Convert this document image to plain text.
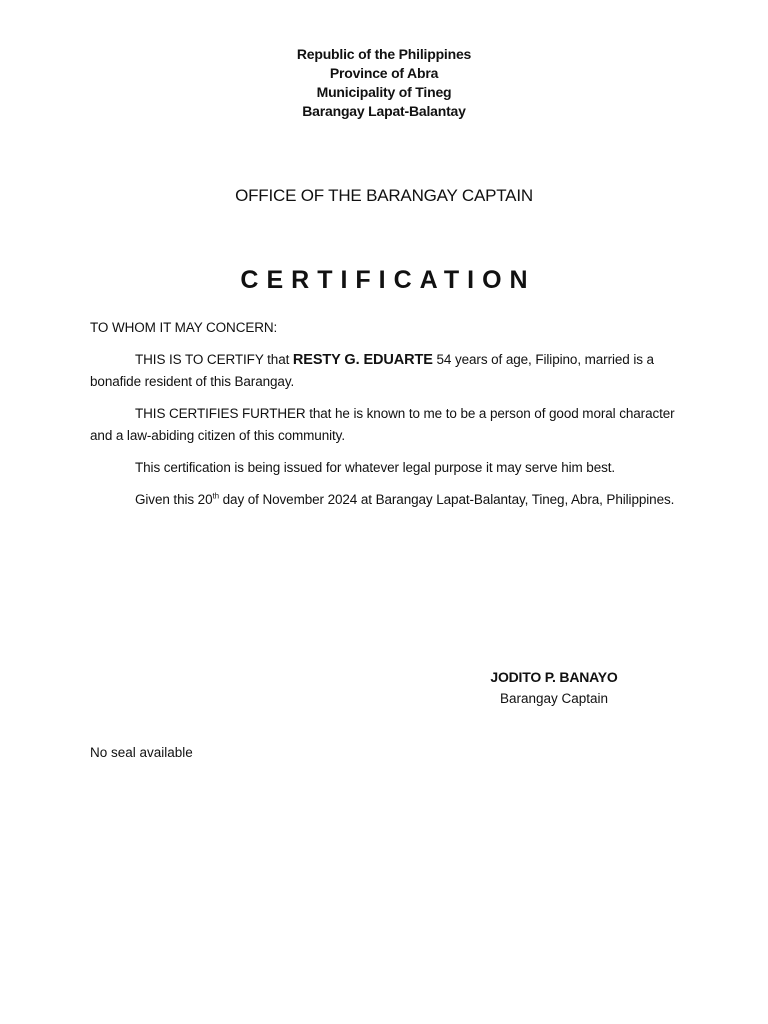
Republic of the Philippines
Province of Abra
Municipality of Tineg
Barangay Lapat-Balantay
OFFICE OF THE BARANGAY CAPTAIN
CERTIFICATION

TO WHOM IT MAY CONCERN:

THIS IS TO CERTIFY that RESTY G. EDUARTE 54 years of age, Filipino, married is a bonafide resident of this Barangay.

THIS CERTIFIES FURTHER that he is known to me to be a person of good moral character and a law-abiding citizen of this community.

This certification is being issued for whatever legal purpose it may serve him best.

Given this 20th day of November 2024 at Barangay Lapat-Balantay, Tineg, Abra, Philippines.

JODITO P. BANAYO
Barangay Captain
No seal available
